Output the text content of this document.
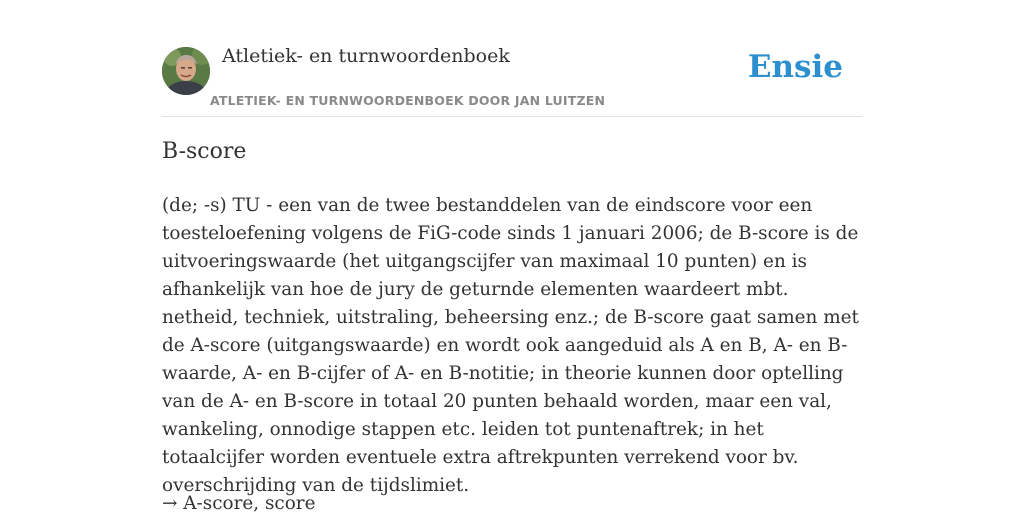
Atletiek- en turnwoordenboek
ATLETIEK- EN TURNWOORDENBOEK DOOR JAN LUITZEN
Ensie
B-score

(de; -s) TU - een van de twee bestanddelen van de eindscore voor een toesteloefening volgens de FiG-code sinds 1 januari 2006; de B-score is de uitvoeringswaarde (het uitgangscijfer van maximaal 10 punten) en is afhankelijk van hoe de jury de geturnde elementen waardeert mbt. netheid, techniek, uitstraling, beheersing enz.; de B-score gaat samen met de A-score (uitgangswaarde) en wordt ook aangeduid als A en B, A- en B-waarde, A- en B-cijfer of A- en B-notitie; in theorie kunnen door optelling van de A- en B-score in totaal 20 punten behaald worden, maar een val, wankeling, onnodige stappen etc. leiden tot puntenaftrek; in het totaalcijfer worden eventuele extra aftrekpunten verrekend voor bv. overschrijding van de tijdslimiet.

→ A-score, score
